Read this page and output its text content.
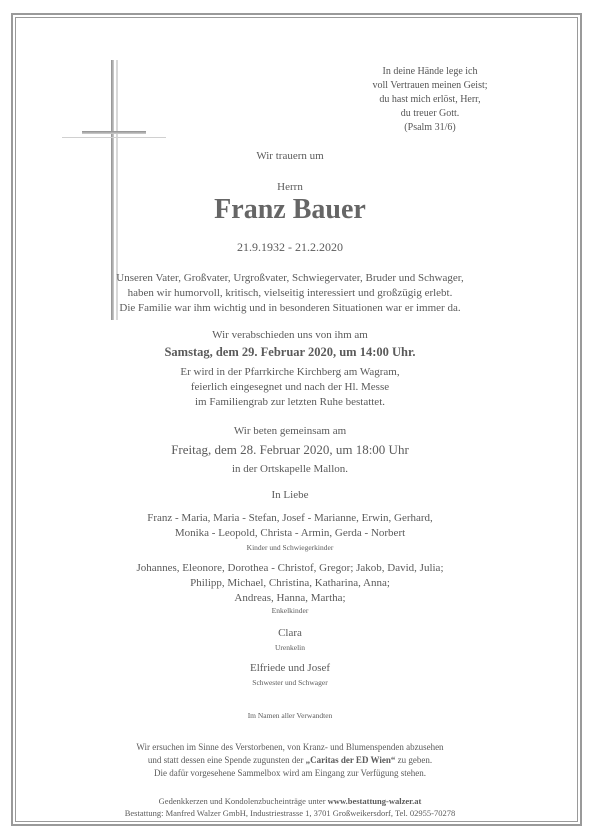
In deine Hände lege ich
voll Vertrauen meinen Geist;
du hast mich erlöst, Herr,
du treuer Gott.
(Psalm 31/6)
Wir trauern um
Herrn
Franz Bauer
21.9.1932 - 21.2.2020
Unseren Vater, Großvater, Urgroßvater, Schwiegervater, Bruder und Schwager,
haben wir humorvoll, kritisch, vielseitig interessiert und großzügig erlebt.
Die Familie war ihm wichtig und in besonderen Situationen war er immer da.
Wir verabschieden uns von ihm am
Samstag, dem 29. Februar 2020, um 14:00 Uhr.
Er wird in der Pfarrkirche Kirchberg am Wagram,
feierlich eingesegnet und nach der Hl. Messe
im Familiengrab zur letzten Ruhe bestattet.
Wir beten gemeinsam am
Freitag, dem 28. Februar 2020, um 18:00 Uhr
in der Ortskapelle Mallon.
In Liebe
Franz - Maria, Maria - Stefan, Josef - Marianne, Erwin, Gerhard,
Monika - Leopold, Christa - Armin, Gerda - Norbert
Kinder und Schwiegerkinder
Johannes, Eleonore, Dorothea - Christof, Gregor; Jakob, David, Julia;
Philipp, Michael, Christina, Katharina, Anna;
Andreas, Hanna, Martha;
Enkelkinder
Clara
Urenkelin
Elfriede und Josef
Schwester und Schwager
Im Namen aller Verwandten
Wir ersuchen im Sinne des Verstorbenen, von Kranz- und Blumenspenden abzusehen
und statt dessen eine Spende zugunsten der „Caritas der ED Wien“ zu geben.
Die dafür vorgesehene Sammelbox wird am Eingang zur Verfügung stehen.
Gedenkkerzen und Kondolenzbucheinträge unter www.bestattung-walzer.at
Bestattung: Manfred Walzer GmbH, Industriestrasse 1, 3701 Großweikersdorf, Tel. 02955-70278
